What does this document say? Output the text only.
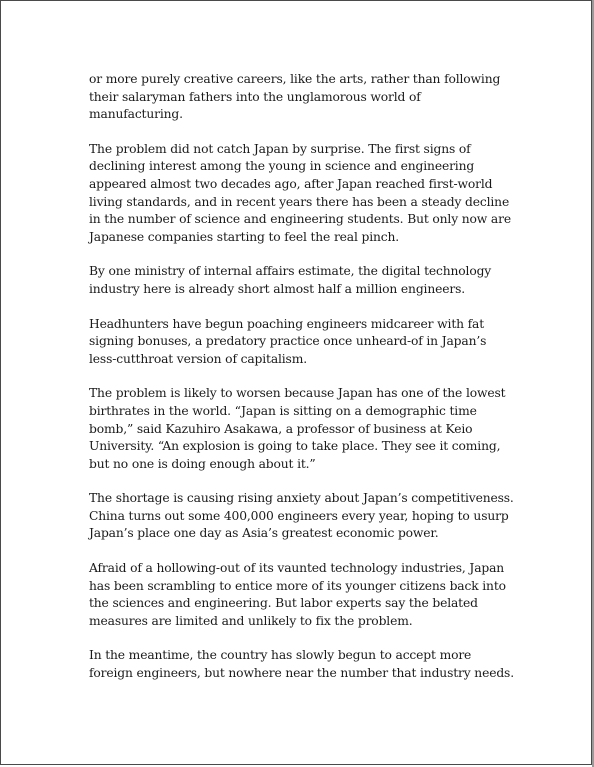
or more purely creative careers, like the arts, rather than following their salaryman fathers into the unglamorous world of manufacturing.

The problem did not catch Japan by surprise. The first signs of declining interest among the young in science and engineering appeared almost two decades ago, after Japan reached first-world living standards, and in recent years there has been a steady decline in the number of science and engineering students. But only now are Japanese companies starting to feel the real pinch.

By one ministry of internal affairs estimate, the digital technology industry here is already short almost half a million engineers.

Headhunters have begun poaching engineers midcareer with fat signing bonuses, a predatory practice once unheard-of in Japan’s less-cutthroat version of capitalism.

The problem is likely to worsen because Japan has one of the lowest birthrates in the world. “Japan is sitting on a demographic time bomb,” said Kazuhiro Asakawa, a professor of business at Keio University. “An explosion is going to take place. They see it coming, but no one is doing enough about it.”

The shortage is causing rising anxiety about Japan’s competitiveness. China turns out some 400,000 engineers every year, hoping to usurp Japan’s place one day as Asia’s greatest economic power.

Afraid of a hollowing-out of its vaunted technology industries, Japan has been scrambling to entice more of its younger citizens back into the sciences and engineering. But labor experts say the belated measures are limited and unlikely to fix the problem.

In the meantime, the country has slowly begun to accept more foreign engineers, but nowhere near the number that industry needs.
